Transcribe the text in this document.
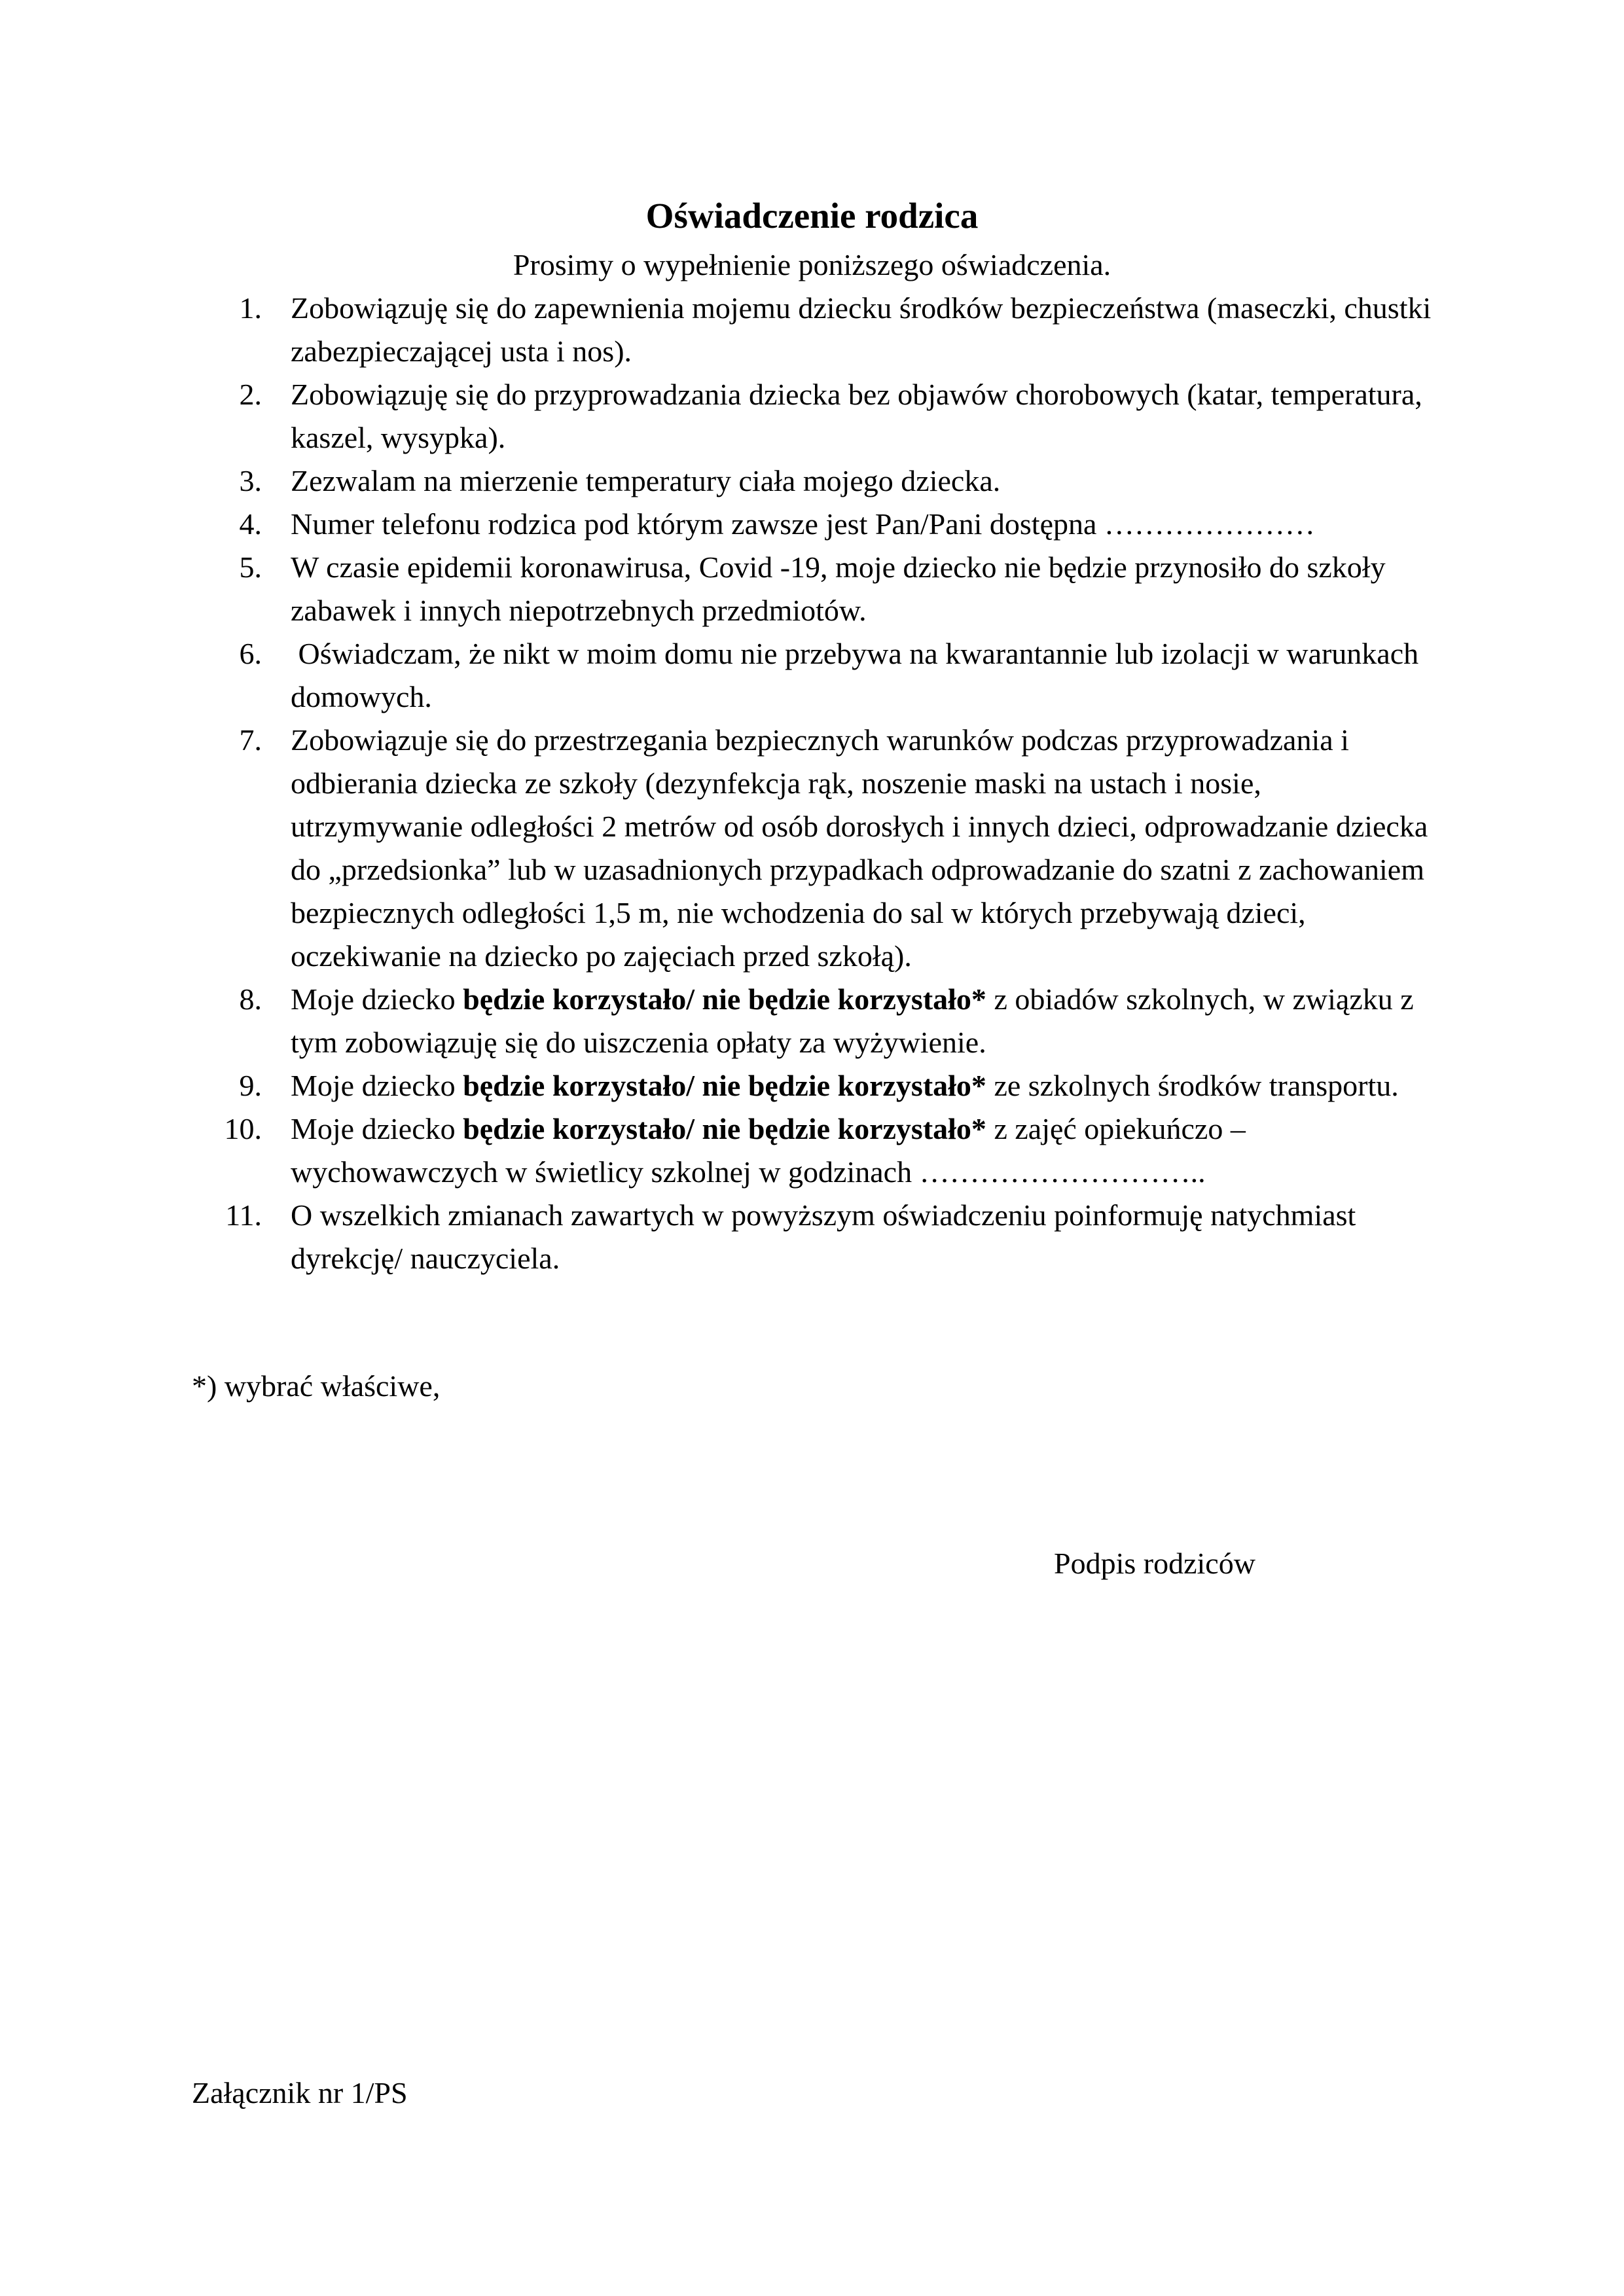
Oświadczenie rodzica
Prosimy o wypełnienie poniższego oświadczenia.
1. Zobowiązuję się do zapewnienia mojemu dziecku środków bezpieczeństwa (maseczki, chustki zabezpieczającej usta i nos).
2. Zobowiązuję się do przyprowadzania dziecka bez objawów chorobowych (katar, temperatura, kaszel, wysypka).
3. Zezwalam na mierzenie temperatury ciała mojego dziecka.
4. Numer telefonu rodzica pod którym zawsze jest Pan/Pani dostępna …………………
5. W czasie epidemii koronawirusa, Covid -19, moje dziecko nie będzie przynosiło do szkoły zabawek i innych niepotrzebnych przedmiotów.
6. Oświadczam, że nikt w moim domu nie przebywa na kwarantannie lub izolacji w warunkach domowych.
7. Zobowiązuje się do przestrzegania bezpiecznych warunków podczas przyprowadzania i odbierania dziecka ze szkoły (dezynfekcja rąk, noszenie maski na ustach i nosie, utrzymywanie odległości 2 metrów od osób dorosłych i innych dzieci, odprowadzanie dziecka do „przedsionka” lub w uzasadnionych przypadkach odprowadzanie do szatni z zachowaniem bezpiecznych odległości 1,5 m, nie wchodzenia do sal w których przebywają dzieci, oczekiwanie na dziecko po zajęciach przed szkołą).
8. Moje dziecko będzie korzystało/ nie będzie korzystało* z obiadów szkolnych, w związku z tym zobowiązuję się do uiszczenia opłaty za wyżywienie.
9. Moje dziecko będzie korzystało/ nie będzie korzystało* ze szkolnych środków transportu.
10. Moje dziecko będzie korzystało/ nie będzie korzystało* z zajęć opiekuńczo – wychowawczych w świetlicy szkolnej w godzinach ………………………..
11. O wszelkich zmianach zawartych w powyższym oświadczeniu poinformuję natychmiast dyrekcję/ nauczyciela.
*) wybrać właściwe,
Podpis rodziców
Załącznik nr 1/PS
